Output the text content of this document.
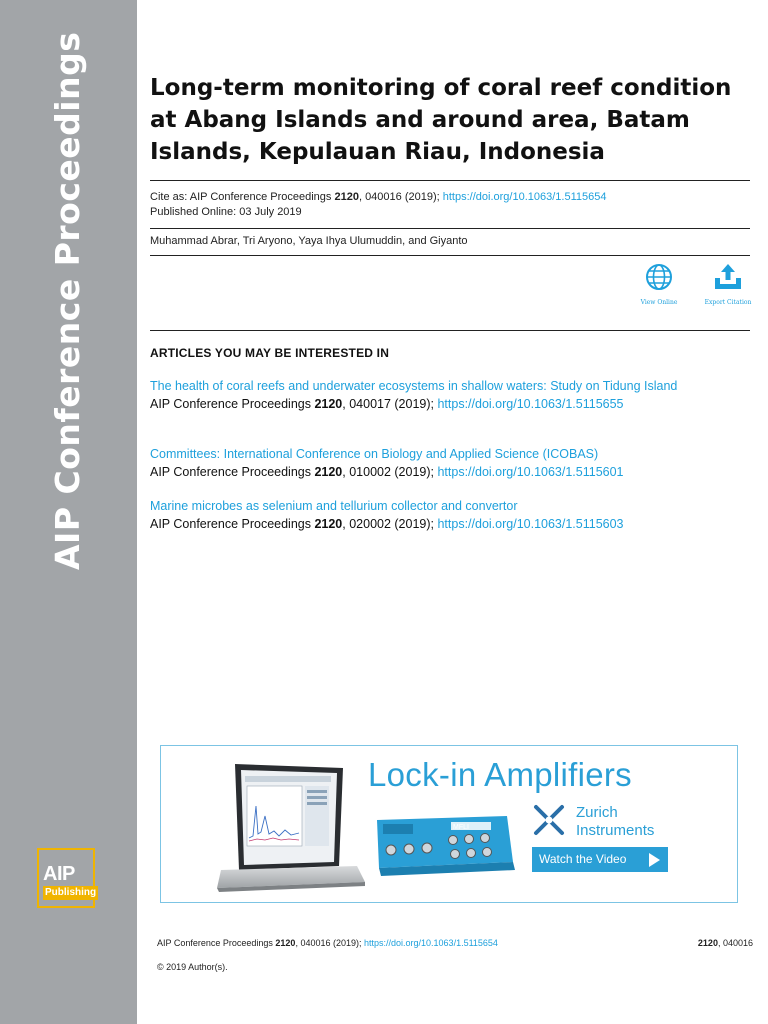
AIP Conference Proceedings
AIP
Publishing
Long-term monitoring of coral reef condition at Abang Islands and around area, Batam Islands, Kepulauan Riau, Indonesia
Cite as: AIP Conference Proceedings 2120, 040016 (2019); https://doi.org/10.1063/1.5115654
Published Online: 03 July 2019
Muhammad Abrar, Tri Aryono, Yaya Ihya Ulumuddin, and Giyanto
View Online	Export Citation
ARTICLES YOU MAY BE INTERESTED IN
The health of coral reefs and underwater ecosystems in shallow waters: Study on Tidung Island
AIP Conference Proceedings 2120, 040017 (2019); https://doi.org/10.1063/1.5115655
Committees: International Conference on Biology and Applied Science (ICOBAS)
AIP Conference Proceedings 2120, 010002 (2019); https://doi.org/10.1063/1.5115601
Marine microbes as selenium and tellurium collector and convertor
AIP Conference Proceedings 2120, 020002 (2019); https://doi.org/10.1063/1.5115603
MFLI
Lock-in Amplifiers
Zurich
Instruments
Watch the Video
AIP Conference Proceedings 2120, 040016 (2019); https://doi.org/10.1063/1.5115654	2120, 040016
© 2019 Author(s).
